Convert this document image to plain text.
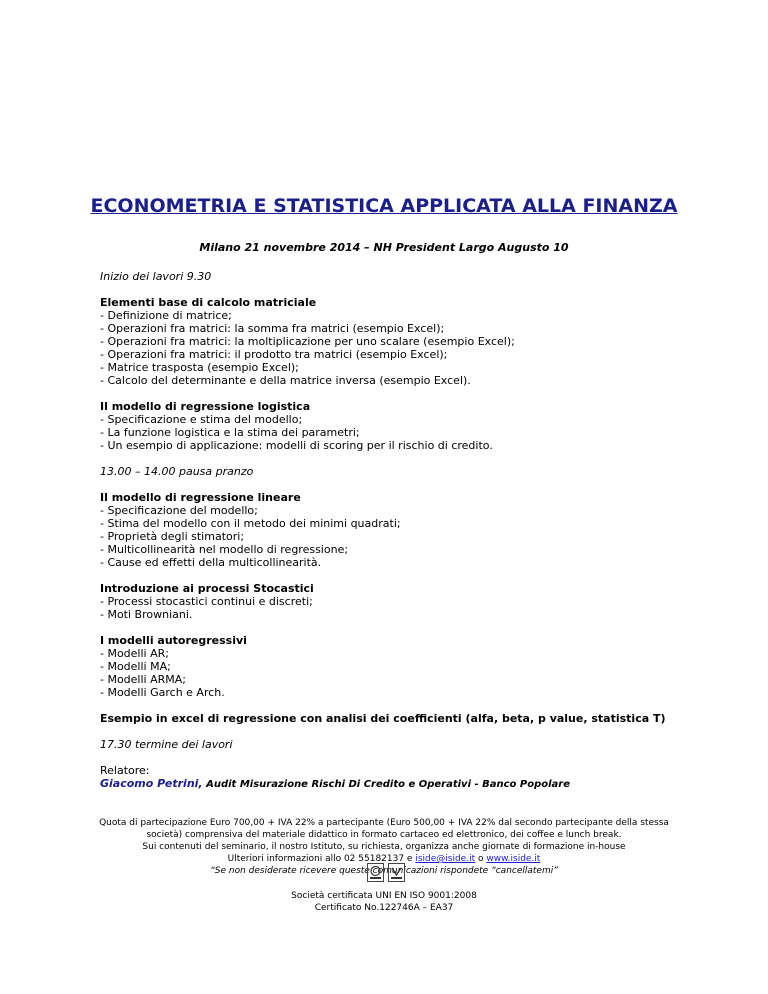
ECONOMETRIA E STATISTICA APPLICATA ALLA FINANZA
Milano 21 novembre 2014 – NH President Largo Augusto 10
Inizio dei lavori 9.30
Elementi base di calcolo matriciale
- Definizione di matrice;
- Operazioni fra matrici: la somma fra matrici (esempio Excel);
- Operazioni fra matrici: la moltiplicazione per uno scalare (esempio Excel);
- Operazioni fra matrici: il prodotto tra matrici (esempio Excel);
- Matrice trasposta (esempio Excel);
- Calcolo del determinante e della matrice inversa (esempio Excel).
Il modello di regressione logistica
- Specificazione e stima del modello;
- La funzione logistica e la stima dei parametri;
- Un esempio di applicazione: modelli di scoring per il rischio di credito.
13.00 – 14.00 pausa pranzo
Il modello di regressione lineare
- Specificazione del modello;
- Stima del modello con il metodo dei minimi quadrati;
- Proprietà degli stimatori;
- Multicollinearità nel modello di regressione;
- Cause ed effetti della multicollinearità.
Introduzione ai processi Stocastici
- Processi stocastici continui e discreti;
- Moti Browniani.
I modelli autoregressivi
- Modelli AR;
- Modelli MA;
- Modelli ARMA;
- Modelli Garch e Arch.
Esempio in excel di regressione con analisi dei coefficienti (alfa, beta, p value, statistica T)
17.30 termine dei lavori
Relatore:
Giacomo Petrini, Audit Misurazione Rischi Di Credito e Operativi - Banco Popolare
Quota di partecipazione Euro 700,00 + IVA 22% a partecipante (Euro 500,00 + IVA 22% dal secondo partecipante della stessa
società) comprensiva del materiale didattico in formato cartaceo ed elettronico, dei coffee e lunch break.
Sui contenuti del seminario, il nostro Istituto, su richiesta, organizza anche giornate di formazione in-house
Ulteriori informazioni allo 02 55182137 e iside@iside.it o www.iside.it
“Se non desiderate ricevere queste comunicazioni rispondete “cancellatemi”
Società certificata UNI EN ISO 9001:2008
Certificato No.122746A – EA37
